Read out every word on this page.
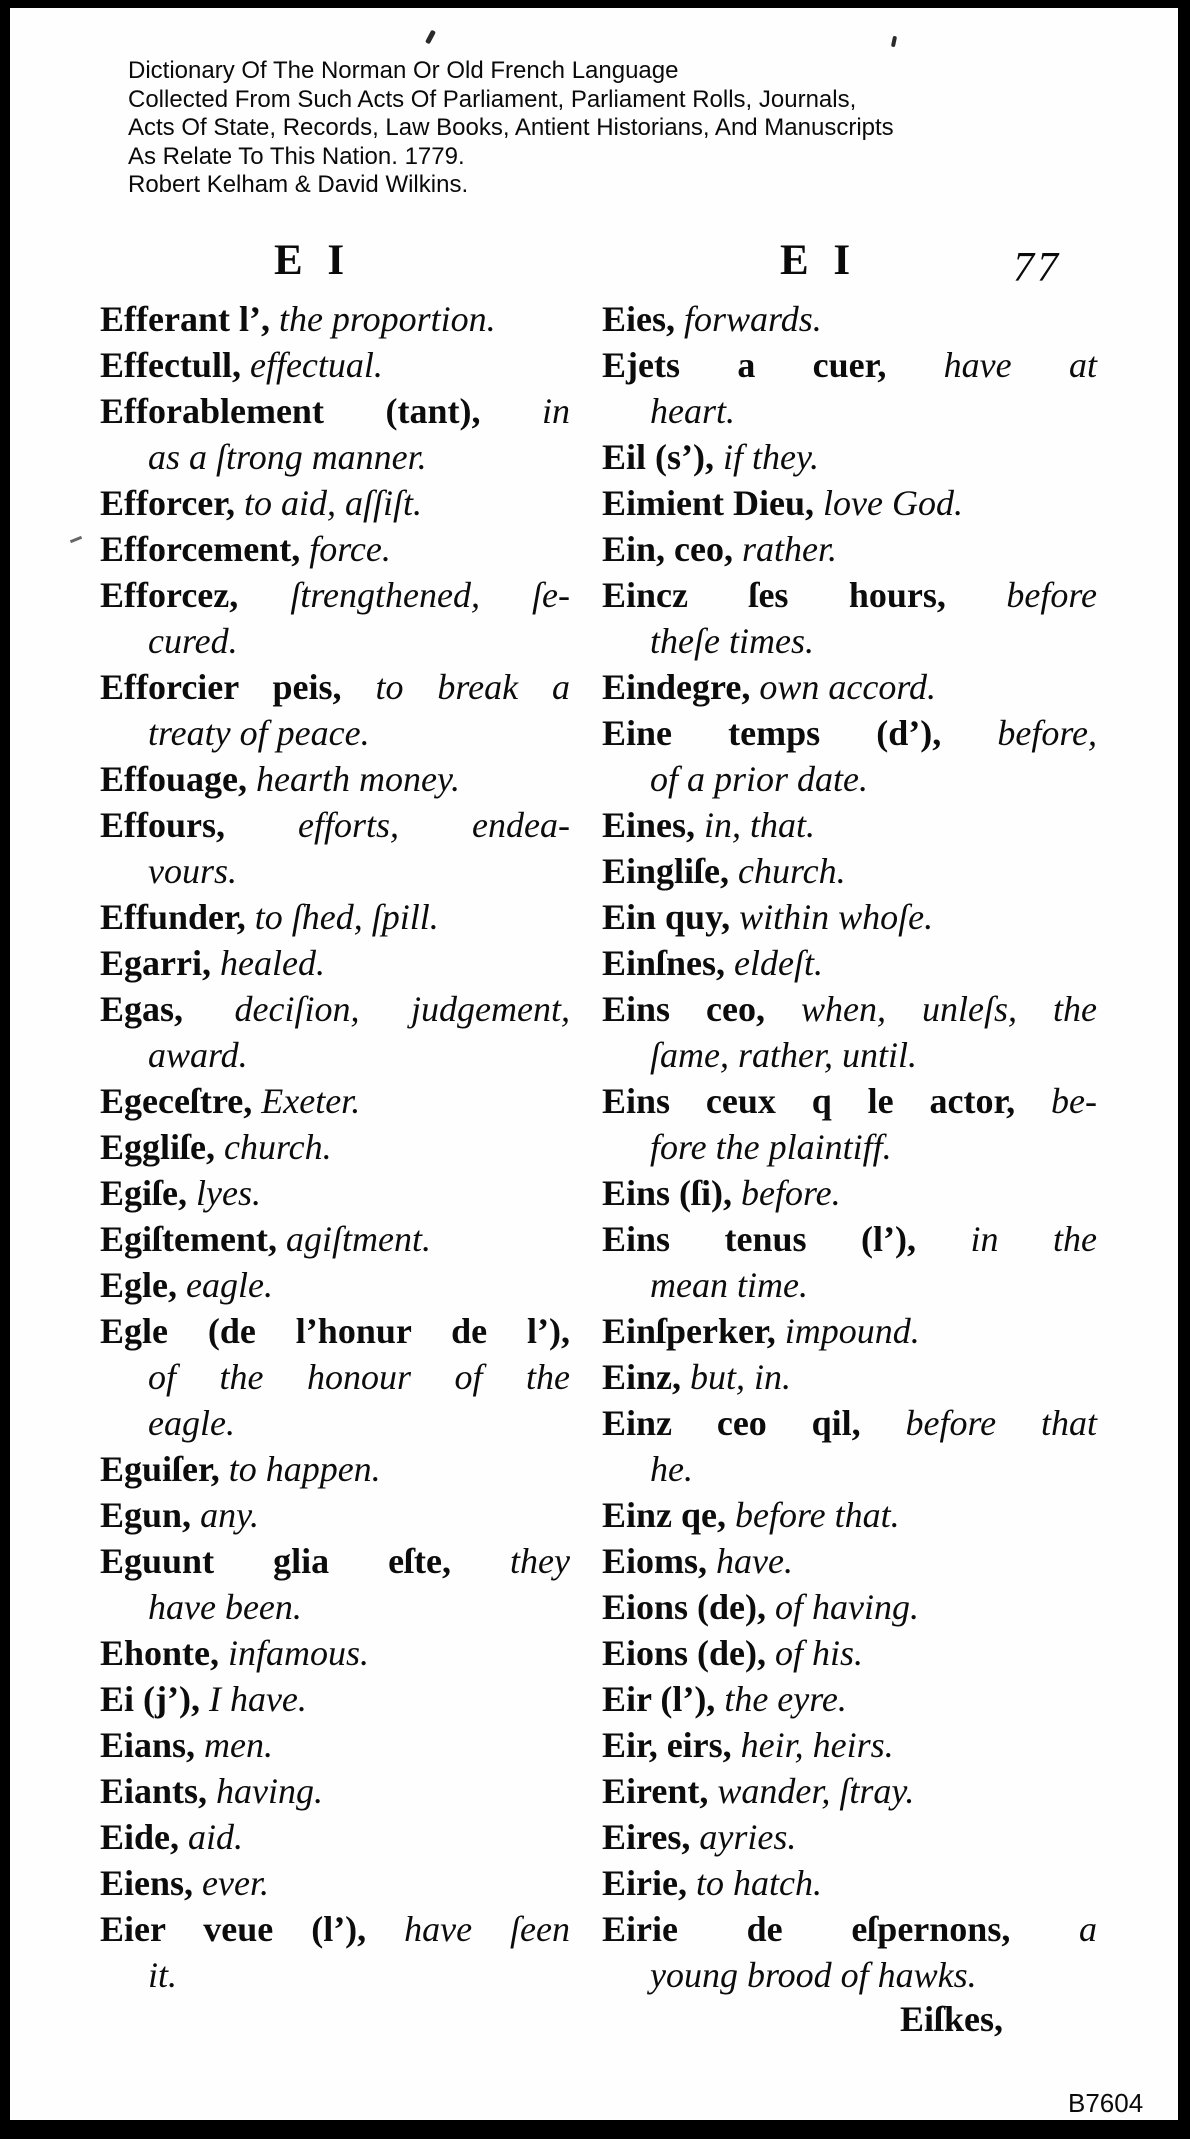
Dictionary Of The Norman Or Old French Language
Collected From Such Acts Of Parliament, Parliament Rolls, Journals,
Acts Of State, Records, Law Books, Antient Historians, And Manuscripts
As Relate To This Nation. 1779.
Robert Kelham & David Wilkins.
E I	E I	77
Efferant l’, the proportion.
Effectull, effectual.
Efforablement (tant), in
as a ſtrong manner.
Efforcer, to aid, aſſiſt.
Efforcement, force.
Efforcez, ſtrengthened, ſe-
cured.
Efforcier peis, to break a
treaty of peace.
Effouage, hearth money.
Effours, efforts, endea-
vours.
Effunder, to ſhed, ſpill.
Egarri, healed.
Egas, deciſion, judgement,
award.
Egeceſtre, Exeter.
Eggliſe, church.
Egiſe, lyes.
Egiſtement, agiſtment.
Egle, eagle.
Egle (de l’honur de l’),
of the honour of the
eagle.
Eguiſer, to happen.
Egun, any.
Eguunt glia eſte, they
have been.
Ehonte, infamous.
Ei (j’), I have.
Eians, men.
Eiants, having.
Eide, aid.
Eiens, ever.
Eier veue (l’), have ſeen
it.
Eies, forwards.
Ejets a cuer, have at
heart.
Eil (s’), if they.
Eimient Dieu, love God.
Ein, ceo, rather.
Eincz ſes hours, before
theſe times.
Eindegre, own accord.
Eine temps (d’), before,
of a prior date.
Eines, in, that.
Eingliſe, church.
Ein quy, within whoſe.
Einſnes, eldeſt.
Eins ceo, when, unleſs, the
ſame, rather, until.
Eins ceux q le actor, be-
fore the plaintiff.
Eins (ſi), before.
Eins tenus (l’), in the
mean time.
Einſperker, impound.
Einz, but, in.
Einz ceo qil, before that
he.
Einz qe, before that.
Eioms, have.
Eions (de), of having.
Eions (de), of his.
Eir (l’), the eyre.
Eir, eirs, heir, heirs.
Eirent, wander, ſtray.
Eires, ayries.
Eirie, to hatch.
Eirie de eſpernons, a
young brood of hawks.
Eiſkes,
B7604
